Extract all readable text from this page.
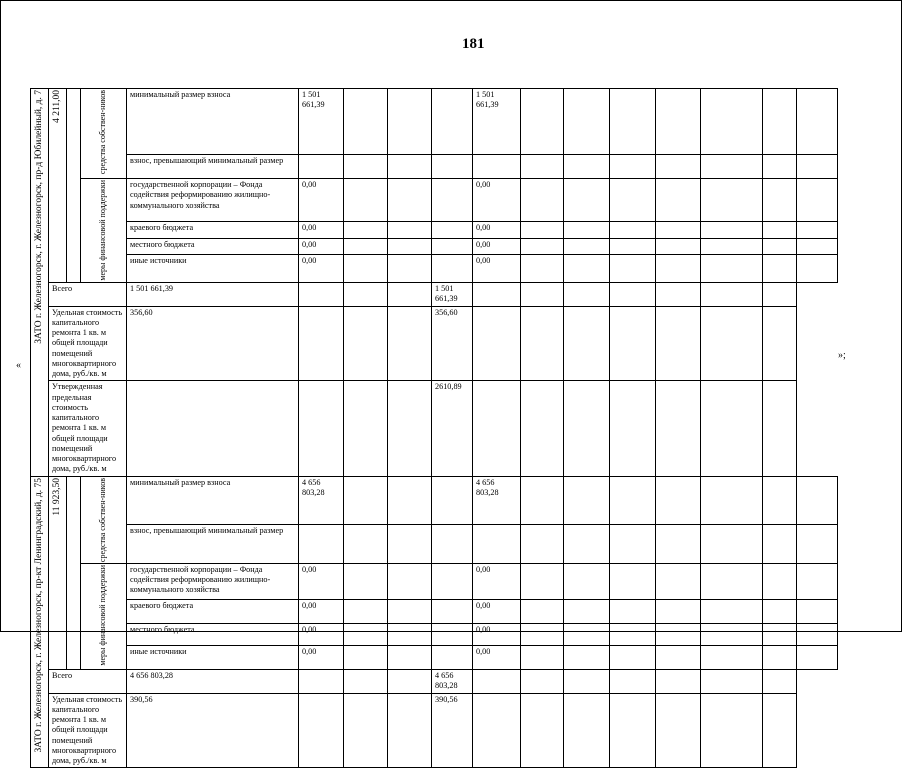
181
«
»;
ЗАТО г. Железногорск, г. Железногорск, пр-д Юбилейный, д. 7	4 211,00		средства собствен-ников	минимальный размер взноса	1 501 661,39				1 501 661,39							
				взнос, превышающий минимальный размер												

			меры финансовой поддержки	государственной корпорации – Фонда содействия реформированию жилищно-коммунального хозяйства	0,00				0,00							
				краевого бюджета	0,00				0,00							
				местного бюджета	0,00				0,00							
				иные источники	0,00				0,00							
	Всего			1 501 661,39				1 501 661,39								
	Удельная стоимость капитального ремонта 1 кв. м общей площади помещений многоквартирного дома, руб./кв. м			356,60				356,60								
	Утвержденная предельная стоимость капитального ремонта 1 кв. м общей площади помещений многоквартирного дома, руб./кв. м							2610,89								

ЗАТО г. Железногорск, г. Железногорск, пр-кт Ленинградский, д. 75	11 923,50		средства собствен-ников	минимальный размер взноса	4 656 803,28				4 656 803,28							
				взнос, превышающий минимальный размер												

			меры финансовой поддержки	государственной корпорации – Фонда содействия реформированию жилищно-коммунального хозяйства	0,00				0,00							
				краевого бюджета	0,00				0,00							
				местного бюджета	0,00				0,00							
				иные источники	0,00				0,00							
	Всего			4 656 803,28				4 656 803,28								
	Удельная стоимость капитального ремонта 1 кв. м общей площади помещений многоквартирного дома, руб./кв. м			390,56				390,56								
